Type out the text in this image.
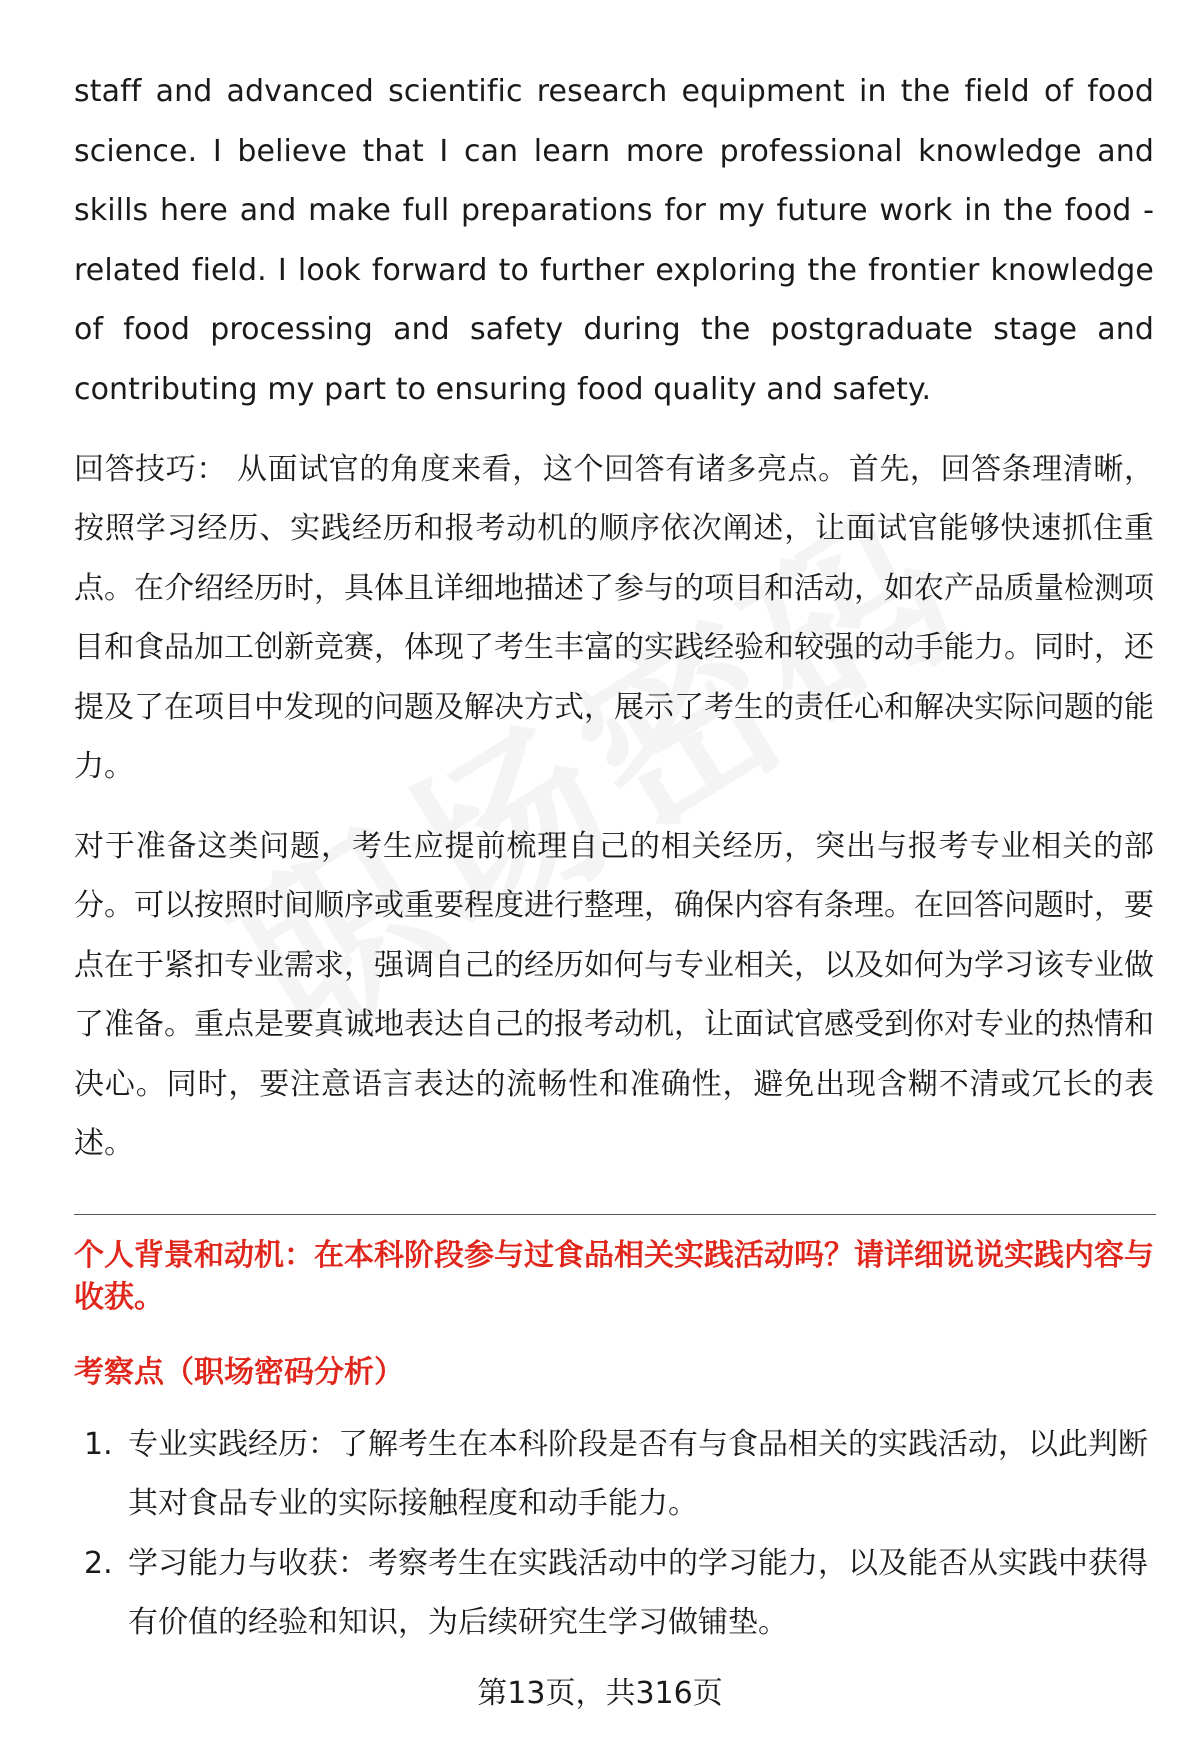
staff and advanced scientific research equipment in the field of food science. I believe that I can learn more professional knowledge and skills here and make full preparations for my future work in the food - related field. I look forward to further exploring the frontier knowledge of food processing and safety during the postgraduate stage and contributing my part to ensuring food quality and safety.

回答技巧： 从面试官的角度来看，这个回答有诸多亮点。首先，回答条理清晰，按照学习经历、实践经历和报考动机的顺序依次阐述，让面试官能够快速抓住重点。在介绍经历时，具体且详细地描述了参与的项目和活动，如农产品质量检测项目和食品加工创新竞赛，体现了考生丰富的实践经验和较强的动手能力。同时，还提及了在项目中发现的问题及解决方式，展示了考生的责任心和解决实际问题的能力。

对于准备这类问题，考生应提前梳理自己的相关经历，突出与报考专业相关的部分。可以按照时间顺序或重要程度进行整理，确保内容有条理。在回答问题时，要点在于紧扣专业需求，强调自己的经历如何与专业相关，以及如何为学习该专业做了准备。重点是要真诚地表达自己的报考动机，让面试官感受到你对专业的热情和决心。同时，要注意语言表达的流畅性和准确性，避免出现含糊不清或冗长的表述。

个人背景和动机：在本科阶段参与过食品相关实践活动吗？请详细说说实践内容与收获。
考察点（职场密码分析）
1. 专业实践经历：了解考生在本科阶段是否有与食品相关的实践活动，以此判断其对食品专业的实际接触程度和动手能力。
2. 学习能力与收获：考察考生在实践活动中的学习能力，以及能否从实践中获得有价值的经验和知识，为后续研究生学习做铺垫。
第13页，共316页
